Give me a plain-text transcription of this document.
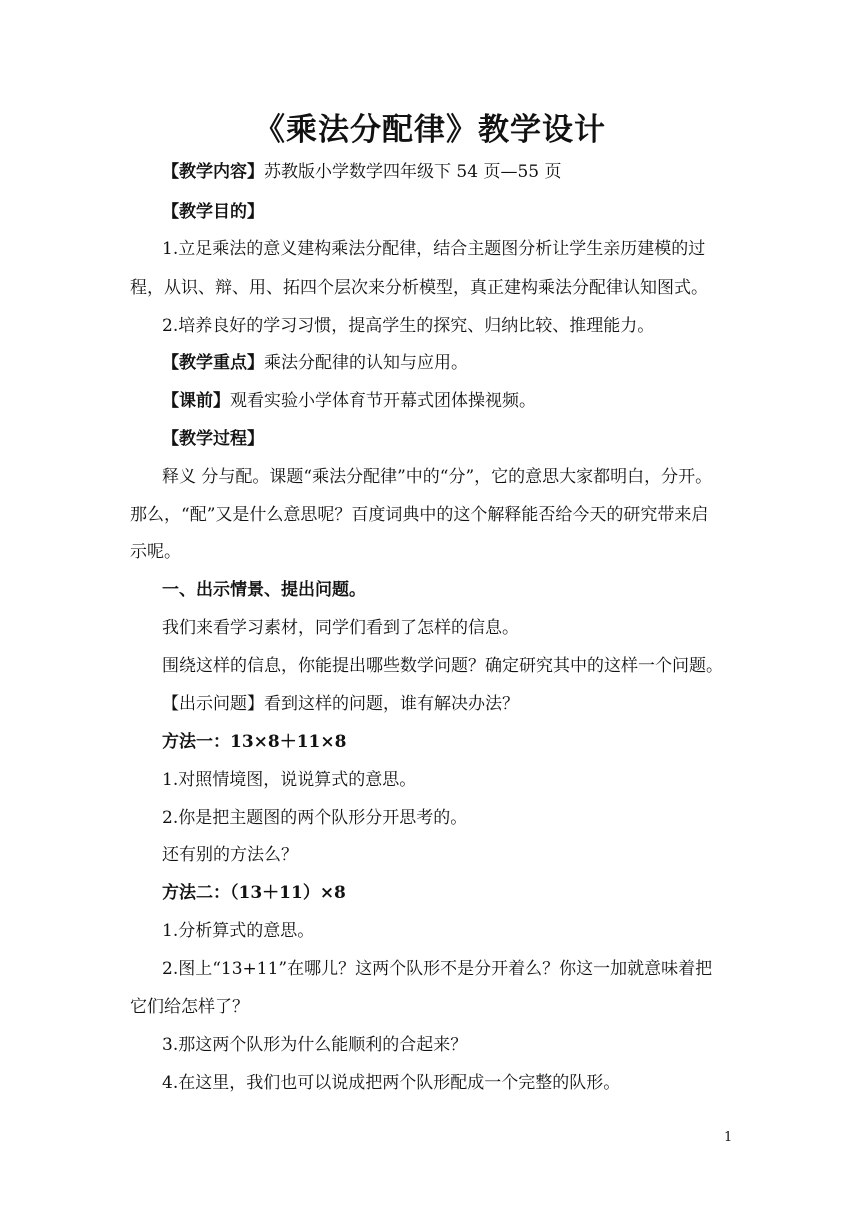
《乘法分配律》教学设计
【教学内容】苏教版小学数学四年级下 54 页—55 页
【教学目的】
1.立足乘法的意义建构乘法分配律，结合主题图分析让学生亲历建模的过
程，从识、辩、用、拓四个层次来分析模型，真正建构乘法分配律认知图式。
2.培养良好的学习习惯，提高学生的探究、归纳比较、推理能力。
【教学重点】乘法分配律的认知与应用。
【课前】观看实验小学体育节开幕式团体操视频。
【教学过程】
释义 分与配。课题“乘法分配律”中的“分”，它的意思大家都明白，分开。
那么，“配”又是什么意思呢？百度词典中的这个解释能否给今天的研究带来启
示呢。
一、出示情景、提出问题。
我们来看学习素材，同学们看到了怎样的信息。
围绕这样的信息，你能提出哪些数学问题？确定研究其中的这样一个问题。
【出示问题】看到这样的问题，谁有解决办法？
方法一：13×8＋11×8
1.对照情境图，说说算式的意思。
2.你是把主题图的两个队形分开思考的。
还有别的方法么？
方法二：（13＋11）×8
1.分析算式的意思。
2.图上“13+11”在哪儿？这两个队形不是分开着么？你这一加就意味着把
它们给怎样了？
3.那这两个队形为什么能顺利的合起来？
4.在这里，我们也可以说成把两个队形配成一个完整的队形。
1
